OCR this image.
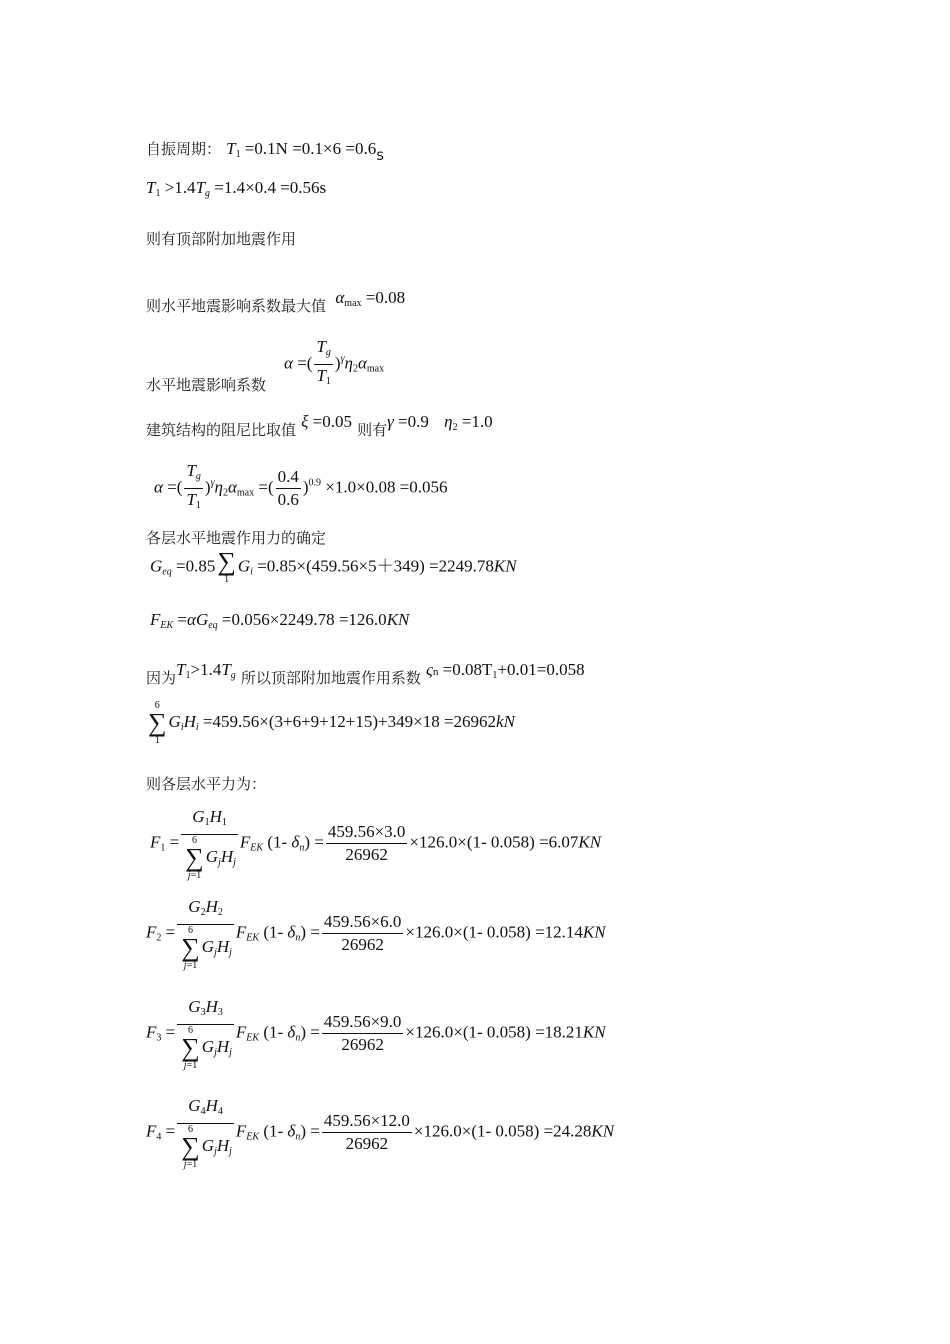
自振周期： $T_1 =0.1N =0.1\times 6 =0.6s$
$T_1 >1.4T_g =1.4\times 0.4 =0.56s$
则有顶部附加地震作用
则水平地震影响系数最大值 $\alpha_{max} =0.08$
水平地震影响系数
α =( $\frac{T_g}{T_1} )^\gamma\eta_2\alpha_{max}$
建筑结构的阻尼比取值 ξ =0.05 则有γ =0.9 $\eta_2 =1.0$
α =( $\frac{T_g}{T_1} )^\gamma\eta_2\alpha_{max}$ =( $\frac{0.4}{0.6} )^{0.9} \times 1.0\times 0.08 =0.056$
各层水平地震作用力的确定
$G_{eq} =0.85$ ∑
1
$G_i =0.85\times(459.56\times 5+349) =2249.78KN$
$F_{EK} =\alpha G_{eq} =0.056\times 2249.78 =126.0KN$
因为$T_1>1.4T_g$ 所以顶部附加地震作用系数 $\varsigma n =0.08T_1+0.01=0.058$
6
∑
1
$G_iH_i =459.56\times(3+6+9+12+15)+349\times 18 =26962kN$
则各层水平力为：
$F_1 = G_1H_1$
6
∑
j=1
$G_jH_j$ $F_{EK}$ (1- $\delta_n) = \frac{459.56\times 3.0}{26962} \times 126.0\times(1-$ 0.058) =6.07KN
$F_2 = G_2H_2$
6
∑
j=1
$G_jH_j$ $F_{EK}$ (1- $\delta_n) = \frac{459.56\times 6.0}{26962} \times 126.0\times(1-$ 0.058) =12.14KN
$F_3 = G_3H_3$
6
∑
j=1
$G_jH_j$ $F_{EK}$ (1- $\delta_n) = \frac{459.56\times 9.0}{26962} \times 126.0\times(1-$ 0.058) =18.21KN
$F_4 = G_4H_4$
6
∑
j=1
$G_jH_j$ $F_{EK}$ (1- $\delta_n) = \frac{459.56\times 12.0}{26962} \times 126.0\times(1-$ 0.058) =24.28KN
